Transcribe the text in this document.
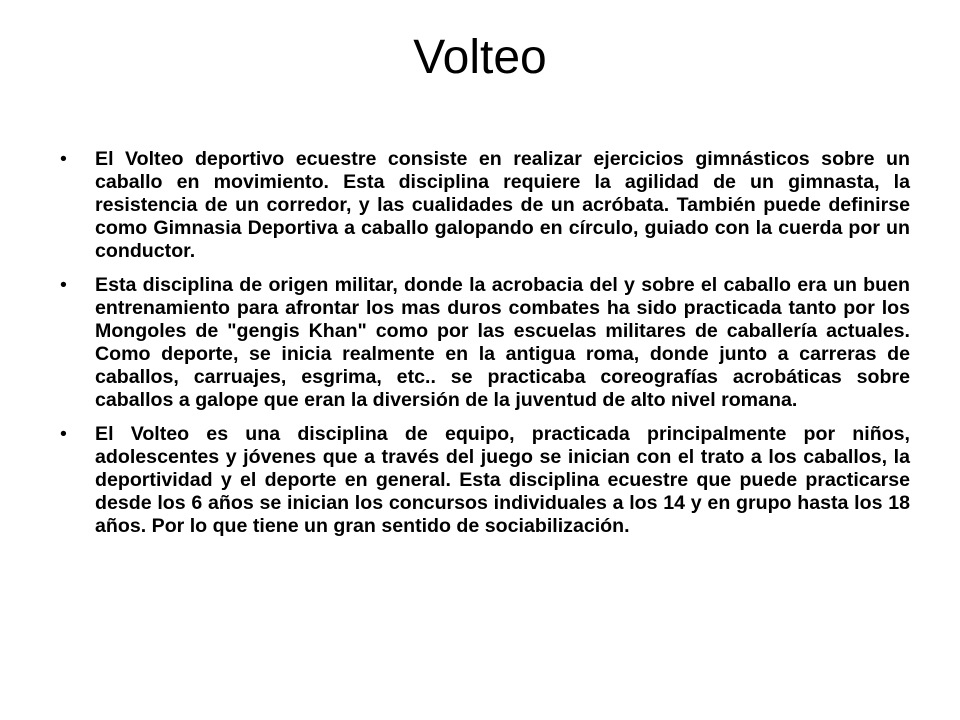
Volteo
• El Volteo deportivo ecuestre consiste en realizar ejercicios gimnásticos sobre un caballo en movimiento. Esta disciplina requiere la agilidad de un gimnasta, la resistencia de un corredor, y las cualidades de un acróbata. También puede definirse como Gimnasia Deportiva a caballo galopando en círculo, guiado con la cuerda por un conductor.
• Esta disciplina de origen militar, donde la acrobacia del y sobre el caballo era un buen entrenamiento para afrontar los mas duros combates ha sido practicada tanto por los Mongoles de "gengis Khan" como por las escuelas militares de caballería actuales. Como deporte, se inicia realmente en la antigua roma, donde junto a carreras de caballos, carruajes, esgrima, etc.. se practicaba coreografías acrobáticas sobre caballos a galope que eran la diversión de la juventud de alto nivel romana.
• El Volteo es una disciplina de equipo, practicada principalmente por niños, adolescentes y jóvenes que a través del juego se inician con el trato a los caballos, la deportividad y el deporte en general. Esta disciplina ecuestre que puede practicarse desde los 6 años se inician los concursos individuales a los 14 y en grupo hasta los 18 años. Por lo que tiene un gran sentido de sociabilización.
